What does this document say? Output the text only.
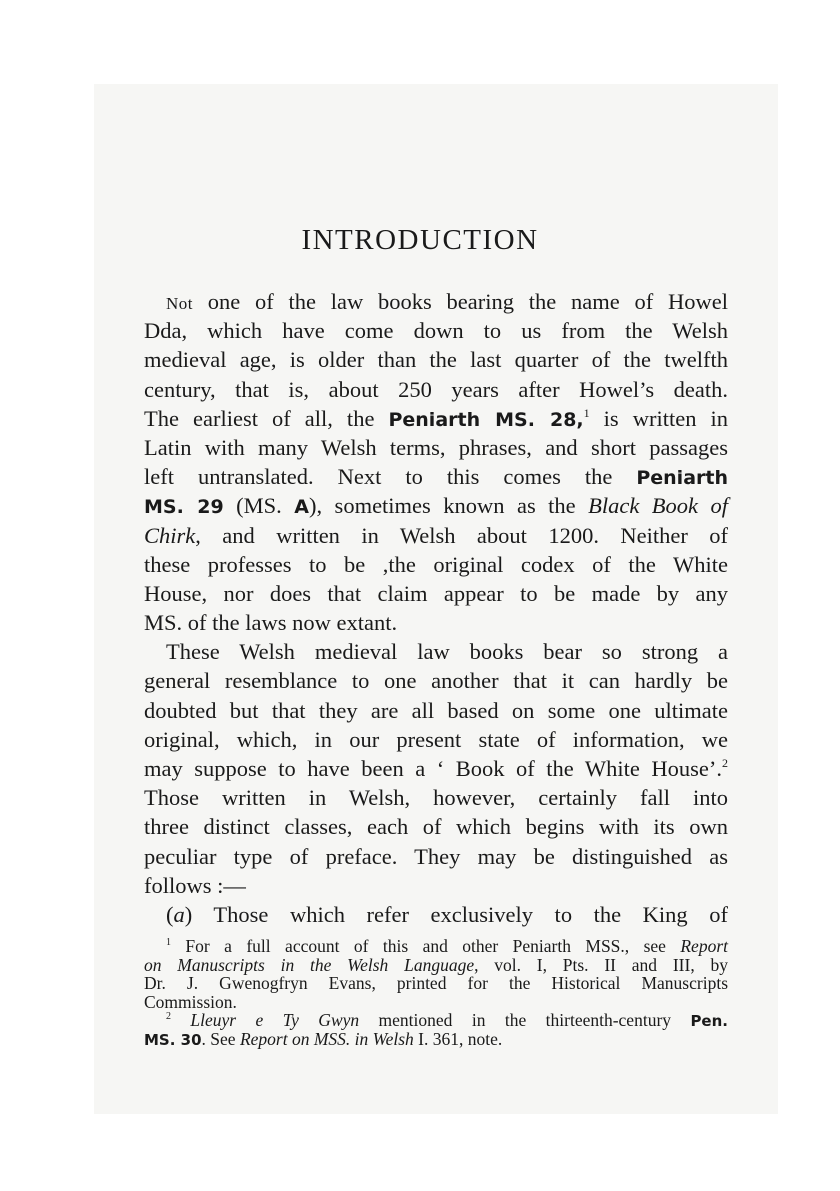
INTRODUCTION
Not one of the law books bearing the name of Howel
Dda, which have come down to us from the Welsh
medieval age, is older than the last quarter of the twelfth
century, that is, about 250 years after Howel’s death.
The earliest of all, the Peniarth MS. 28,$^1$ is written in
Latin with many Welsh terms, phrases, and short passages
left untranslated. Next to this comes the Peniarth
MS. 29 (MS. A), sometimes known as the Black Book of
Chirk, and written in Welsh about 1200. Neither of
these professes to be ,the original codex of the White
House, nor does that claim appear to be made by any
MS. of the laws now extant.
These Welsh medieval law books bear so strong a
general resemblance to one another that it can hardly be
doubted but that they are all based on some one ultimate
original, which, in our present state of information, we
may suppose to have been a ‘ Book of the White House’.$^2$
Those written in Welsh, however, certainly fall into
three distinct classes, each of which begins with its own
peculiar type of preface. They may be distinguished as
follows :—
(a) Those which refer exclusively to the King of
$^1$ For a full account of this and other Peniarth MSS., see Report
on Manuscripts in the Welsh Language, vol. I, Pts. II and III, by
Dr. J. Gwenogfryn Evans, printed for the Historical Manuscripts
Commission.
$^2$ Lleuyr e Ty Gwyn mentioned in the thirteenth-century Pen.
MS. 30. See Report on MSS. in Welsh I. 361, note.
